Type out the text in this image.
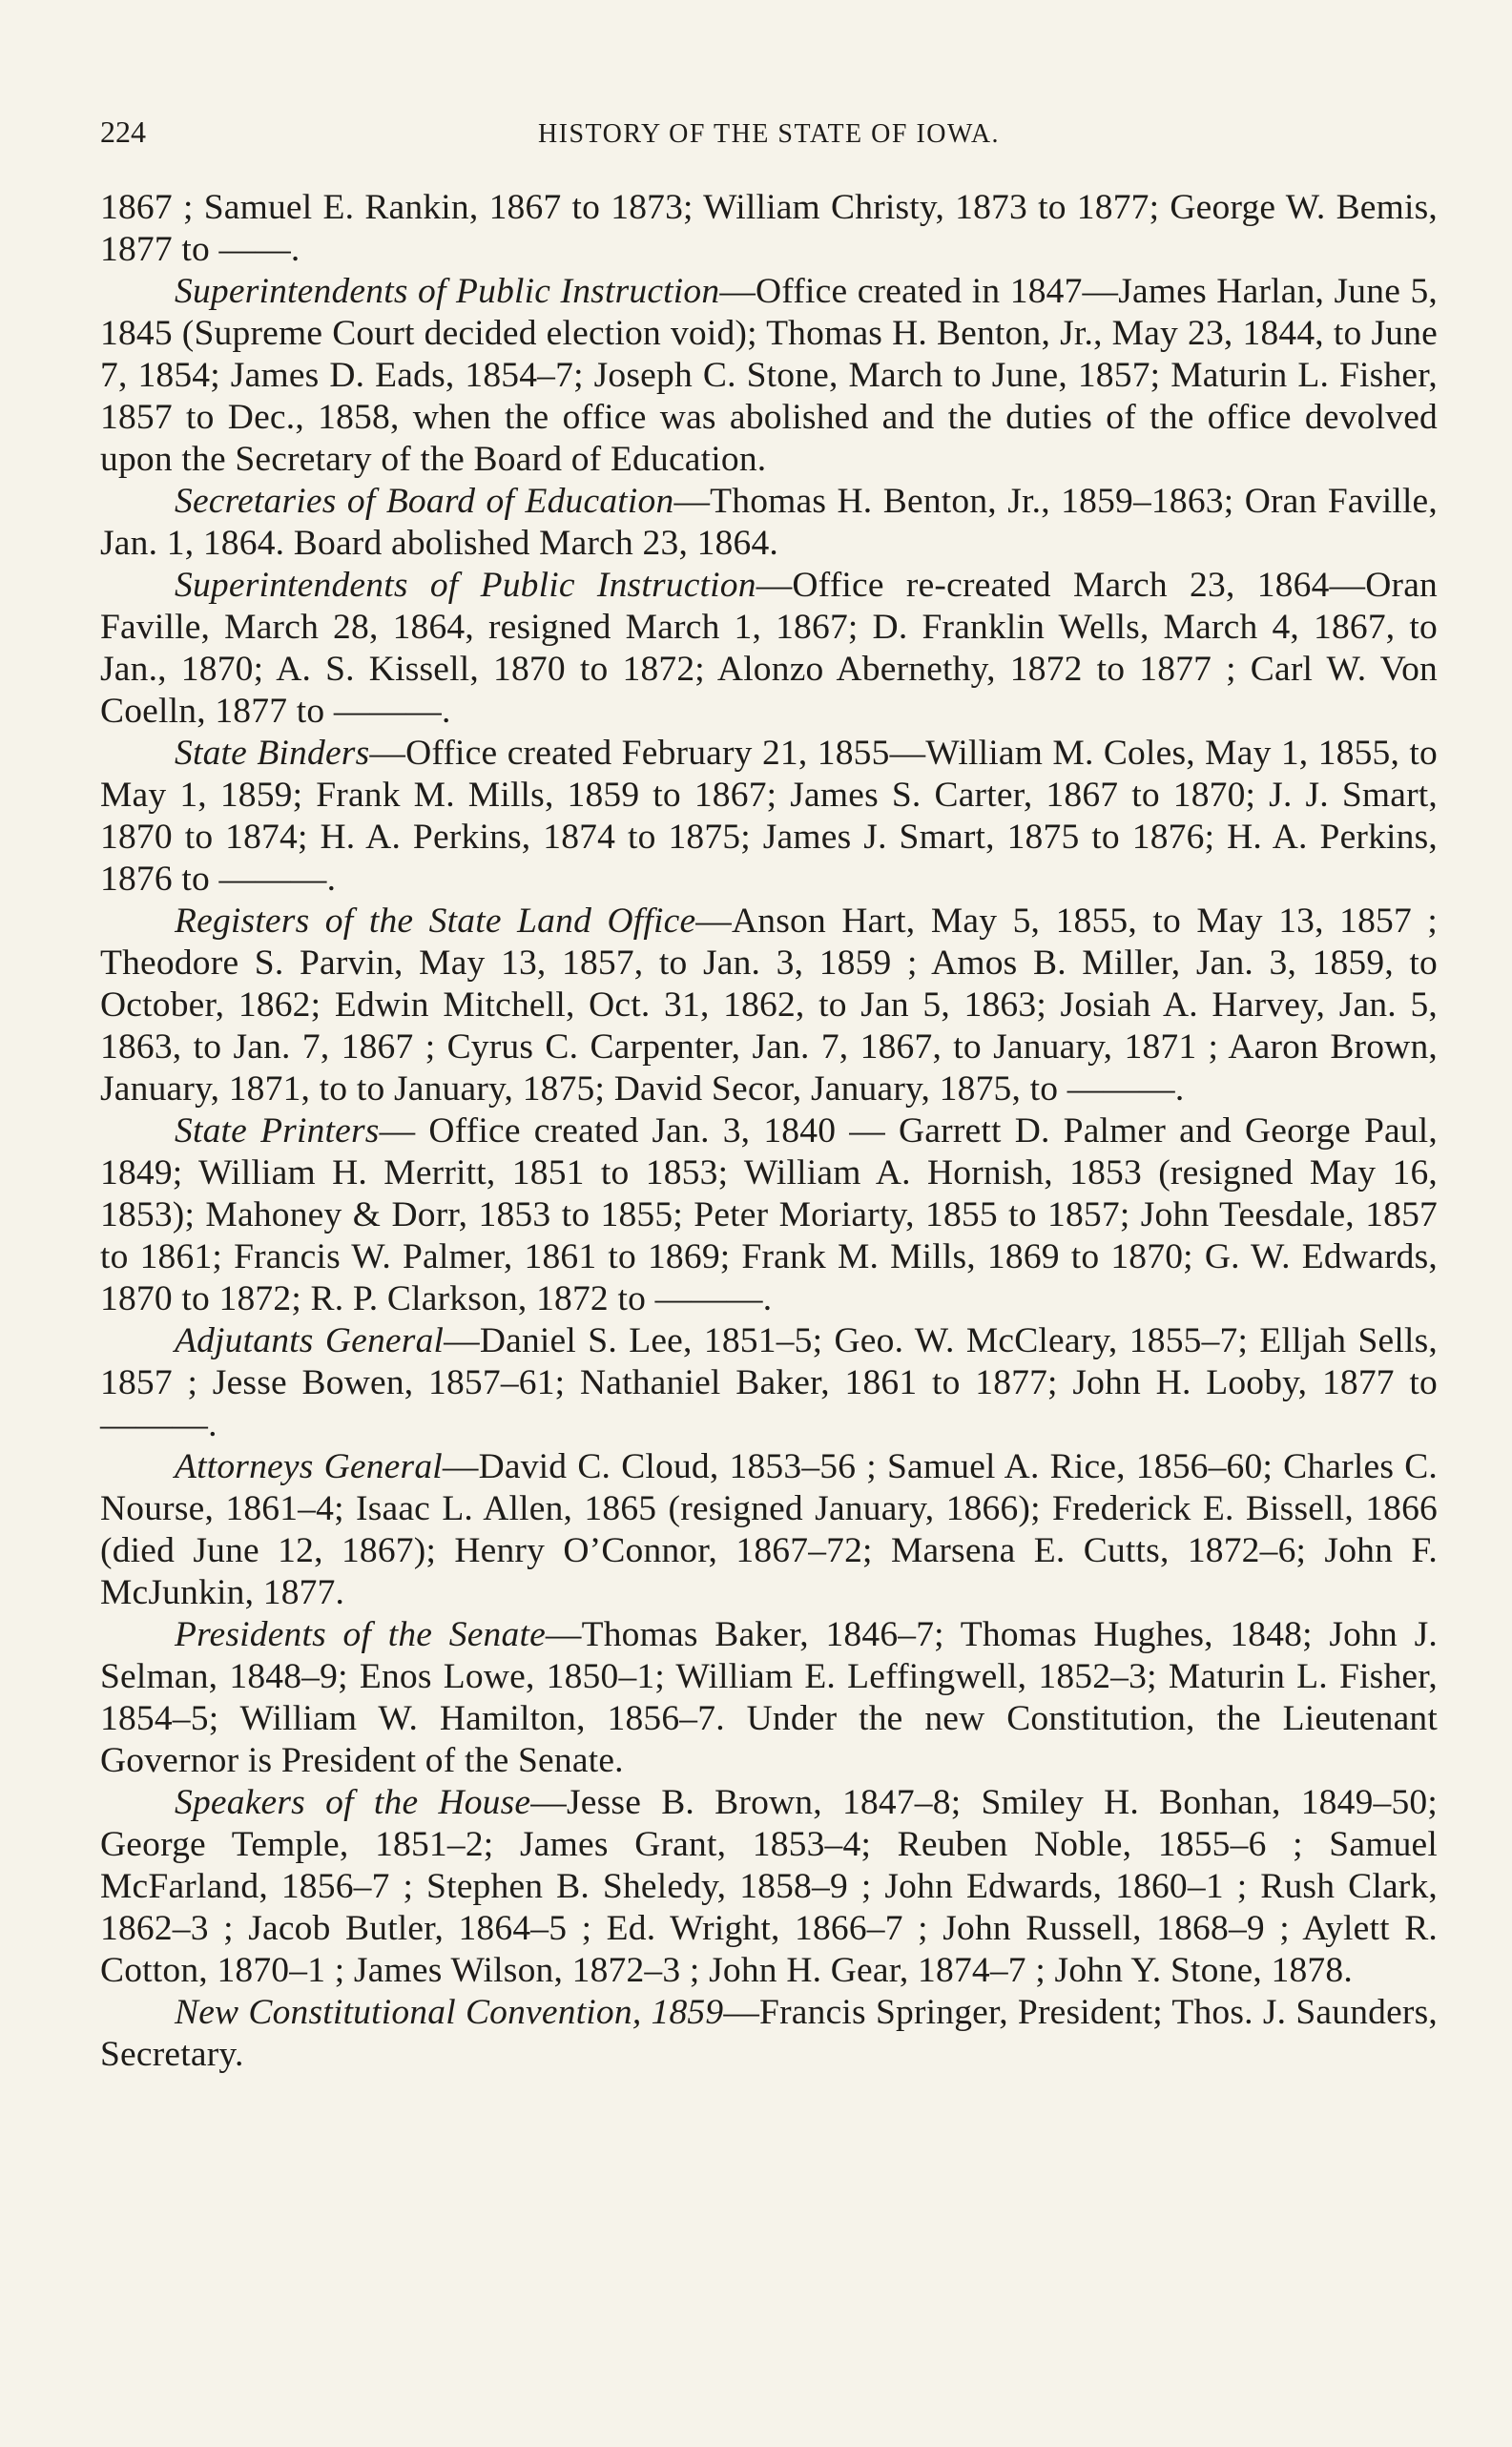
224	HISTORY OF THE STATE OF IOWA.

1867 ; Samuel E. Rankin, 1867 to 1873; William Christy, 1873 to 1877; George W. Bemis, 1877 to ——.

Superintendents of Public Instruction—Office created in 1847—James Harlan, June 5, 1845 (Supreme Court decided election void); Thomas H. Benton, Jr., May 23, 1844, to June 7, 1854; James D. Eads, 1854–7; Joseph C. Stone, March to June, 1857; Maturin L. Fisher, 1857 to Dec., 1858, when the office was abolished and the duties of the office devolved upon the Secretary of the Board of Education.

Secretaries of Board of Education—Thomas H. Benton, Jr., 1859–1863; Oran Faville, Jan. 1, 1864. Board abolished March 23, 1864.

Superintendents of Public Instruction—Office re-created March 23, 1864—Oran Faville, March 28, 1864, resigned March 1, 1867; D. Franklin Wells, March 4, 1867, to Jan., 1870; A. S. Kissell, 1870 to 1872; Alonzo Abernethy, 1872 to 1877 ; Carl W. Von Coelln, 1877 to ———.

State Binders—Office created February 21, 1855—William M. Coles, May 1, 1855, to May 1, 1859; Frank M. Mills, 1859 to 1867; James S. Carter, 1867 to 1870; J. J. Smart, 1870 to 1874; H. A. Perkins, 1874 to 1875; James J. Smart, 1875 to 1876; H. A. Perkins, 1876 to ———.

Registers of the State Land Office—Anson Hart, May 5, 1855, to May 13, 1857 ; Theodore S. Parvin, May 13, 1857, to Jan. 3, 1859 ; Amos B. Miller, Jan. 3, 1859, to October, 1862; Edwin Mitchell, Oct. 31, 1862, to Jan 5, 1863; Josiah A. Harvey, Jan. 5, 1863, to Jan. 7, 1867 ; Cyrus C. Carpenter, Jan. 7, 1867, to January, 1871 ; Aaron Brown, January, 1871, to to January, 1875; David Secor, January, 1875, to ———.

State Printers— Office created Jan. 3, 1840 — Garrett D. Palmer and George Paul, 1849; William H. Merritt, 1851 to 1853; William A. Hornish, 1853 (resigned May 16, 1853); Mahoney & Dorr, 1853 to 1855; Peter Moriarty, 1855 to 1857; John Teesdale, 1857 to 1861; Francis W. Palmer, 1861 to 1869; Frank M. Mills, 1869 to 1870; G. W. Edwards, 1870 to 1872; R. P. Clarkson, 1872 to ———.

Adjutants General—Daniel S. Lee, 1851–5; Geo. W. McCleary, 1855–7; Elljah Sells, 1857 ; Jesse Bowen, 1857–61; Nathaniel Baker, 1861 to 1877; John H. Looby, 1877 to ———.

Attorneys General—David C. Cloud, 1853–56 ; Samuel A. Rice, 1856–60; Charles C. Nourse, 1861–4; Isaac L. Allen, 1865 (resigned January, 1866); Frederick E. Bissell, 1866 (died June 12, 1867); Henry O’Connor, 1867–72; Marsena E. Cutts, 1872–6; John F. McJunkin, 1877.

Presidents of the Senate—Thomas Baker, 1846–7; Thomas Hughes, 1848; John J. Selman, 1848–9; Enos Lowe, 1850–1; William E. Leffingwell, 1852–3; Maturin L. Fisher, 1854–5; William W. Hamilton, 1856–7. Under the new Constitution, the Lieutenant Governor is President of the Senate.

Speakers of the House—Jesse B. Brown, 1847–8; Smiley H. Bonhan, 1849–50; George Temple, 1851–2; James Grant, 1853–4; Reuben Noble, 1855–6 ; Samuel McFarland, 1856–7 ; Stephen B. Sheledy, 1858–9 ; John Edwards, 1860–1 ; Rush Clark, 1862–3 ; Jacob Butler, 1864–5 ; Ed. Wright, 1866–7 ; John Russell, 1868–9 ; Aylett R. Cotton, 1870–1 ; James Wilson, 1872–3 ; John H. Gear, 1874–7 ; John Y. Stone, 1878.

New Constitutional Convention, 1859—Francis Springer, President; Thos. J. Saunders, Secretary.
